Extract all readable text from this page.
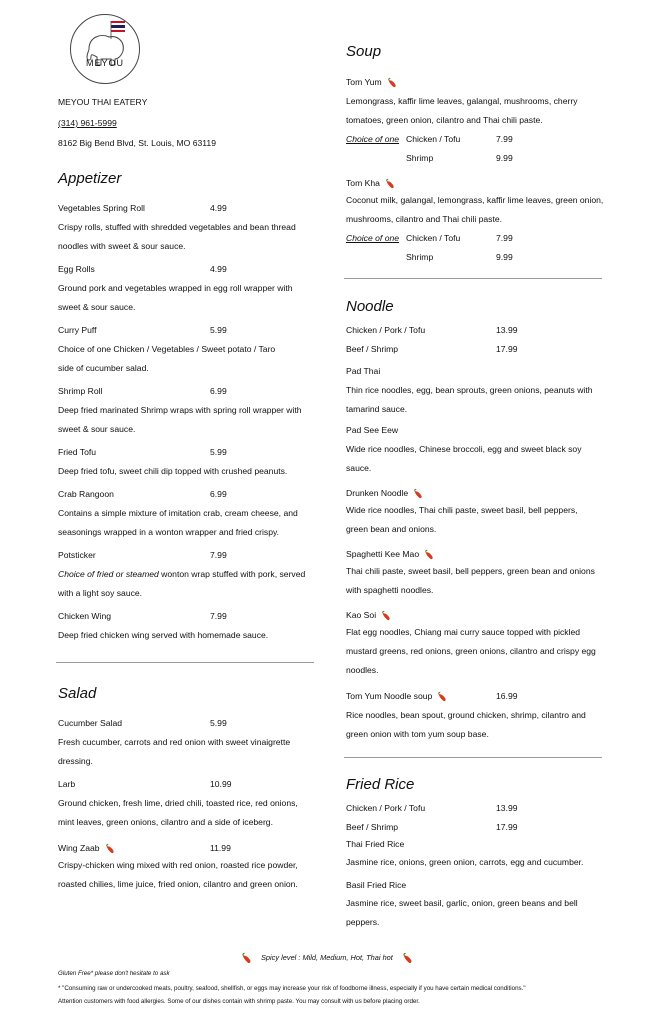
MEYOU
MEYOU THAI EATERY
(314) 961-5999
8162 Big Bend Blvd, St. Louis, MO 63119
Appetizer
Vegetables Spring Roll	4.99
Crispy rolls, stuffed with shredded vegetables and bean thread noodles with sweet & sour sauce.
Egg Rolls	4.99
Ground pork and vegetables wrapped in egg roll wrapper with sweet & sour sauce.
Curry Puff	5.99
Choice of one Chicken / Vegetables / Sweet potato / Taro side of cucumber salad.
Shrimp Roll	6.99
Deep fried marinated Shrimp wraps with spring roll wrapper with sweet & sour sauce.
Fried Tofu	5.99
Deep fried tofu, sweet chili dip topped with crushed peanuts.
Crab Rangoon	6.99
Contains a simple mixture of imitation crab, cream cheese, and seasonings wrapped in a wonton wrapper and fried crispy.
Potsticker	7.99
Choice of fried or steamed wonton wrap stuffed with pork, served with a light soy sauce.
Chicken Wing	7.99
Deep fried chicken wing served with homemade sauce.
Salad
Cucumber Salad	5.99
Fresh cucumber, carrots and red onion with sweet vinaigrette dressing.
Larb	10.99
Ground chicken, fresh lime, dried chili, toasted rice, red onions, mint leaves, green onions, cilantro and a side of iceberg.
Wing Zaab	11.99
Crispy-chicken wing mixed with red onion, roasted rice powder, roasted chilies, lime juice, fried onion, cilantro and green onion.
Soup
Tom Yum
Lemongrass, kaffir lime leaves, galangal, mushrooms, cherry tomatoes, green onion, cilantro and Thai chili paste.
Choice of one Chicken / Tofu	7.99
Shrimp	9.99
Tom Kha
Coconut milk, galangal, lemongrass, kaffir lime leaves, green onion, mushrooms, cilantro and Thai chili paste.
Choice of one Chicken / Tofu	7.99
Shrimp	9.99
Noodle
Chicken / Pork / Tofu	13.99
Beef / Shrimp	17.99
Pad Thai
Thin rice noodles, egg, bean sprouts, green onions, peanuts with tamarind sauce.
Pad See Eew
Wide rice noodles, Chinese broccoli, egg and sweet black soy sauce.
Drunken Noodle
Wide rice noodles, Thai chili paste, sweet basil, bell peppers, green bean and onions.
Spaghetti Kee Mao
Thai chili paste, sweet basil, bell peppers, green bean and onions with spaghetti noodles.
Kao Soi
Flat egg noodles, Chiang mai curry sauce topped with pickled mustard greens, red onions, green onions, cilantro and crispy egg noodles.
Tom Yum Noodle soup	16.99
Rice noodles, bean spout, ground chicken, shrimp, cilantro and green onion with tom yum soup base.
Fried Rice
Chicken / Pork / Tofu	13.99
Beef / Shrimp	17.99
Thai Fried Rice
Jasmine rice, onions, green onion, carrots, egg and cucumber.
Basil Fried Rice
Jasmine rice, sweet basil, garlic, onion, green beans and bell peppers.
Spicy level : Mild, Medium, Hot, Thai hot
Gluten Free* please don't hesitate to ask
* "Consuming raw or undercooked meats, poultry, seafood, shellfish, or eggs may increase your risk of foodborne illness, especially if you have certain medical conditions."
Attention customers with food allergies. Some of our dishes contain with shrimp paste. You may consult with us before placing order.
